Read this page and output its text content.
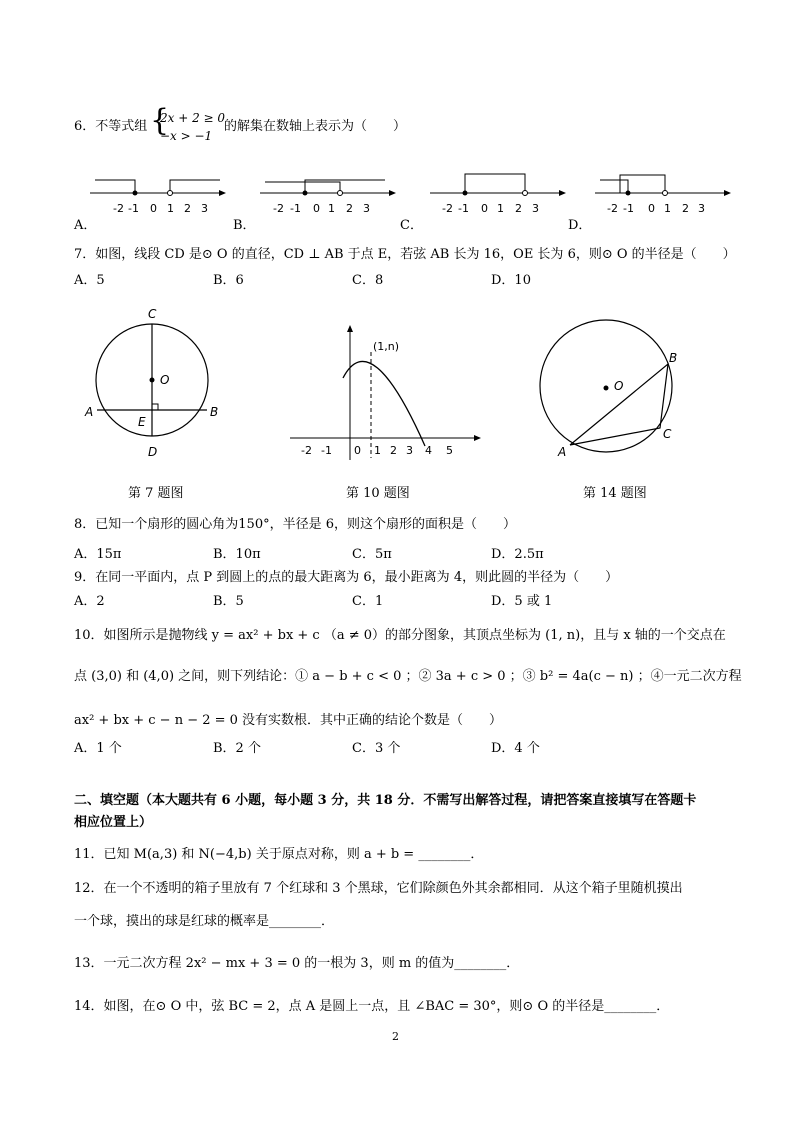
6．不等式组 {
2x + 2 ≥ 0
−x > −1
的解集在数轴上表示为（　　）
-2 -1 0 1 2 3	-2 -1 0 1 2 3	-2 -1 0 1 2 3	-2 -1 0 1 2 3
A．	B．	C．	D．
7．如图，线段 CD 是⊙ O 的直径，CD ⊥ AB 于点 E，若弦 AB 长为 16，OE 长为 6，则⊙ O 的半径是（　　）
A．5	B．6	C．8	D．10
C
O
A
E
B
D
第 7 题图
(1,n)
-2 -1 0 1 2 3 4 5
第 10 题图
O
B
C
A
第 14 题图
8．已知一个扇形的圆心角为150°，半径是 6，则这个扇形的面积是（　　）
A．15π	B．10π	C．5π	D．2.5π
9．在同一平面内，点 P 到圆上的点的最大距离为 6，最小距离为 4，则此圆的半径为（　　）
A．2	B．5	C．1	D．5 或 1
10．如图所示是抛物线 y = ax² + bx + c （a ≠ 0）的部分图象，其顶点坐标为 (1, n)，且与 x 轴的一个交点在
点 (3,0) 和 (4,0) 之间，则下列结论：① a − b + c < 0 ；② 3a + c > 0 ；③ b² = 4a(c − n) ；④一元二次方程
ax² + bx + c − n − 2 = 0 没有实数根．其中正确的结论个数是（　　）
A．1 个	B．2 个	C．3 个	D．4 个
二、填空题（本大题共有 6 小题，每小题 3 分，共 18 分．不需写出解答过程，请把答案直接填写在答题卡
相应位置上）
11．已知 M(a,3) 和 N(−4,b) 关于原点对称，则 a + b = ________．
12．在一个不透明的箱子里放有 7 个红球和 3 个黑球，它们除颜色外其余都相同．从这个箱子里随机摸出
一个球，摸出的球是红球的概率是________．
13．一元二次方程 2x² − mx + 3 = 0 的一根为 3，则 m 的值为________．
14．如图，在⊙ O 中，弦 BC = 2，点 A 是圆上一点，且 ∠BAC = 30°，则⊙ O 的半径是________．
2
